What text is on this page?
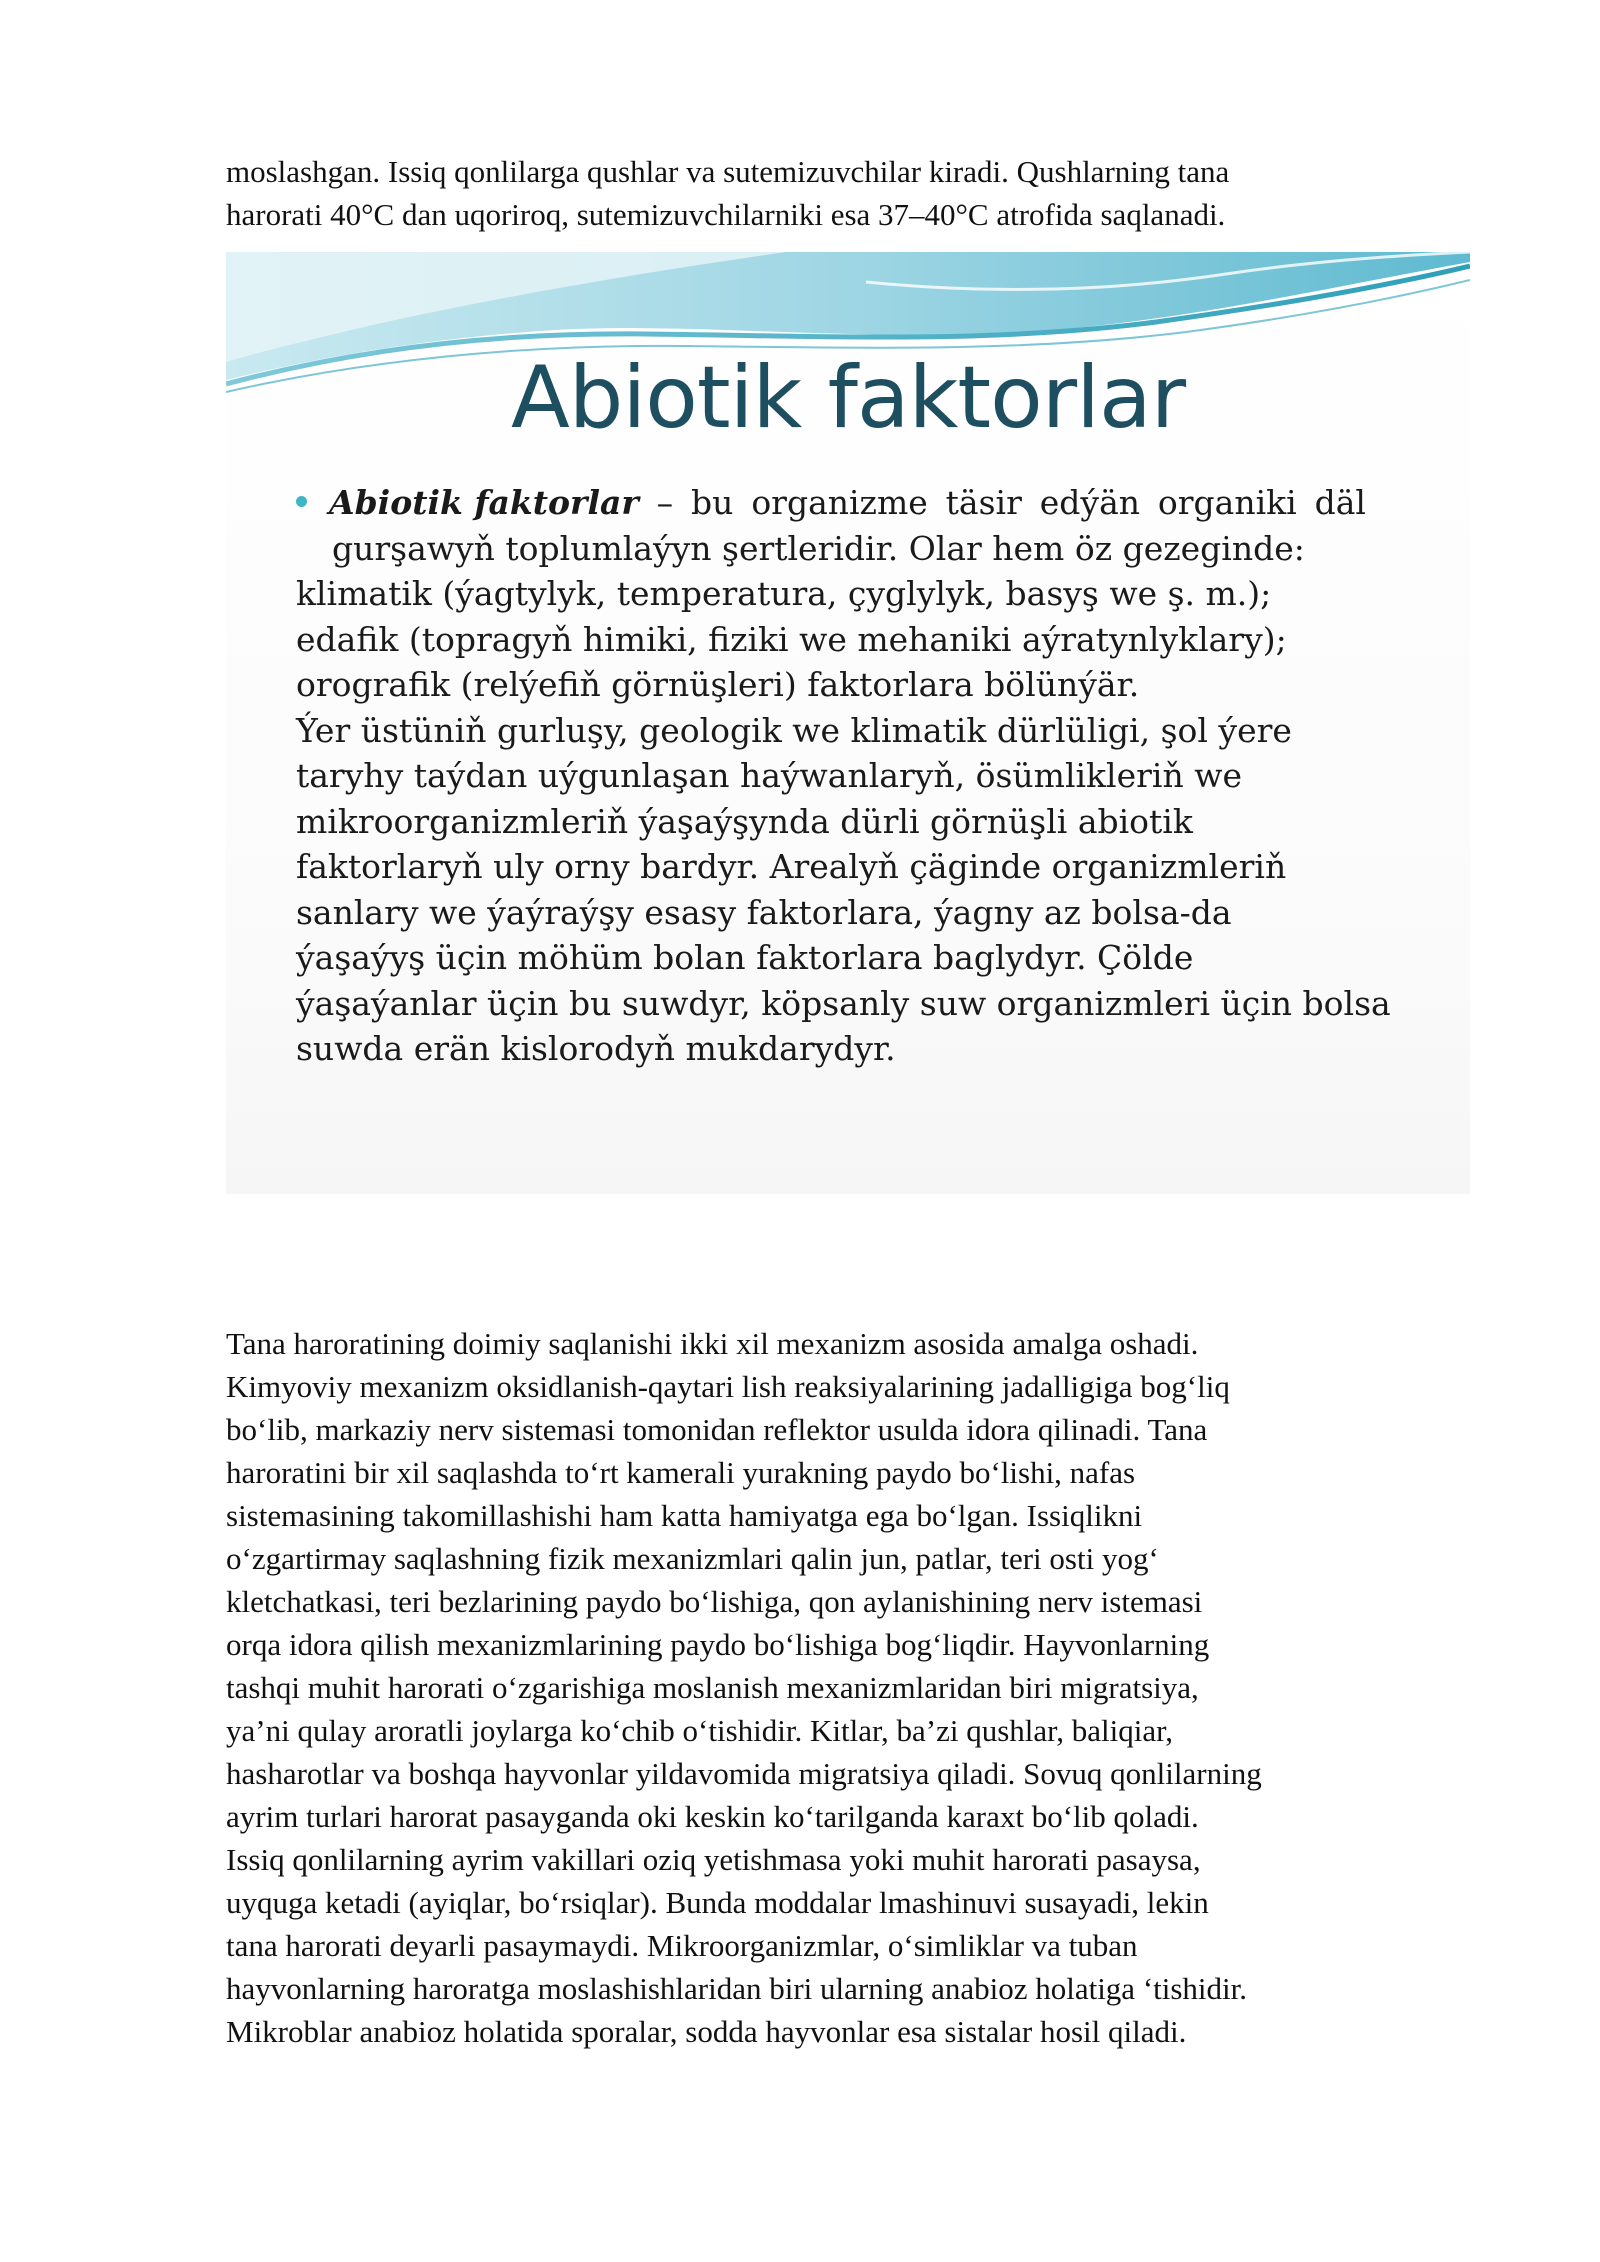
moslashgan. Issiq qonlilarga qushlar va sutemizuvchilar kiradi. Qushlarning tana
harorati 40°C dan uqoriroq, sutemizuvchilarniki esa 37–40°C atrofida saqlanadi.
Abiotik faktorlar
Abiotik faktorlar – bu organizme täsir edýän organiki däl
gurşawyň toplumlaýyn şertleridir. Olar hem öz gezeginde:
klimatik (ýagtylyk, temperatura, çyglylyk, basyş we ş. m.);
edafik (topragyň himiki, fiziki we mehaniki aýratynlyklary);
orografik (relýefiň görnüşleri) faktorlara bölünýär.
Ýer üstüniň gurluşy, geologik we klimatik dürlüligi, şol ýere
taryhy taýdan uýgunlaşan haýwanlaryň, ösümlikleriň we
mikroorganizmleriň ýaşaýşynda dürli görnüşli abiotik
faktorlaryň uly orny bardyr. Arealyň çäginde organizmleriň
sanlary we ýaýraýşy esasy faktorlara, ýagny az bolsa-da
ýaşaýyş üçin möhüm bolan faktorlara baglydyr. Çölde
ýaşaýanlar üçin bu suwdyr, köpsanly suw organizmleri üçin bolsa
suwda erän kislorodyň mukdarydyr.
Tana haroratining doimiy saqlanishi ikki xil mexanizm asosida amalga oshadi.
Kimyoviy mexanizm oksidlanish-qaytari lish reaksiyalarining jadalligiga bog‘liq
bo‘lib, markaziy nerv sistemasi tomonidan reflektor usulda idora qilinadi. Tana
haroratini bir xil saqlashda to‘rt kamerali yurakning paydo bo‘lishi, nafas
sistemasining takomillashishi ham katta hamiyatga ega bo‘lgan. Issiqlikni
o‘zgartirmay saqlashning fizik mexanizmlari qalin jun, patlar, teri osti yog‘
kletchatkasi, teri bezlarining paydo bo‘lishiga, qon aylanishining nerv istemasi
orqa idora qilish mexanizmlarining paydo bo‘lishiga bog‘liqdir. Hayvonlarning
tashqi muhit harorati o‘zgarishiga moslanish mexanizmlaridan biri migratsiya,
ya’ni qulay aroratli joylarga ko‘chib o‘tishidir. Kitlar, ba’zi qushlar, baliqiar,
hasharotlar va boshqa hayvonlar yildavomida migratsiya qiladi. Sovuq qonlilarning
ayrim turlari harorat pasayganda oki keskin ko‘tarilganda karaxt bo‘lib qoladi.
Issiq qonlilarning ayrim vakillari oziq yetishmasa yoki muhit harorati pasaysa,
uyquga ketadi (ayiqlar, bo‘rsiqlar). Bunda moddalar lmashinuvi susayadi, lekin
tana harorati deyarli pasaymaydi. Mikroorganizmlar, o‘simliklar va tuban
hayvonlarning haroratga moslashishlaridan biri ularning anabioz holatiga ‘tishidir.
Mikroblar anabioz holatida sporalar, sodda hayvonlar esa sistalar hosil qiladi.
